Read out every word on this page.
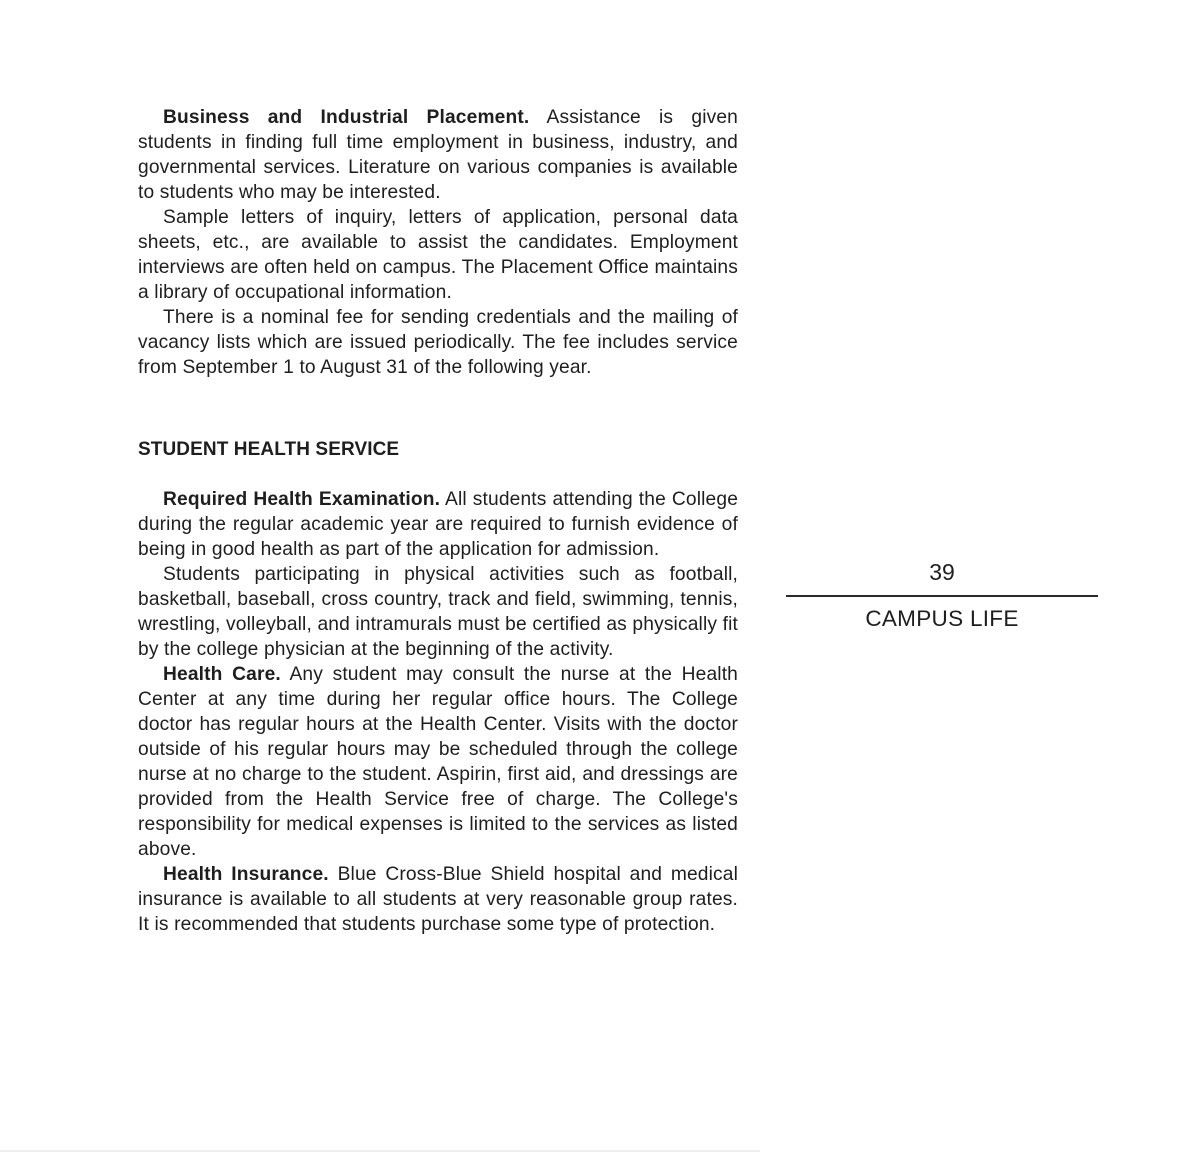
Business and Industrial Placement. Assistance is given students in finding full time employment in business, industry, and governmental services. Literature on various companies is available to students who may be interested.

Sample letters of inquiry, letters of application, personal data sheets, etc., are available to assist the candidates. Employment interviews are often held on campus. The Placement Office maintains a library of occupational information.

There is a nominal fee for sending credentials and the mailing of vacancy lists which are issued periodically. The fee includes service from September 1 to August 31 of the following year.

STUDENT HEALTH SERVICE

Required Health Examination. All students attending the College during the regular academic year are required to furnish evidence of being in good health as part of the application for admission.

Students participating in physical activities such as football, basketball, baseball, cross country, track and field, swimming, tennis, wrestling, volleyball, and intramurals must be certified as physically fit by the college physician at the beginning of the activity.

Health Care. Any student may consult the nurse at the Health Center at any time during her regular office hours. The College doctor has regular hours at the Health Center. Visits with the doctor outside of his regular hours may be scheduled through the college nurse at no charge to the student. Aspirin, first aid, and dressings are provided from the Health Service free of charge. The College's responsibility for medical expenses is limited to the services as listed above.

Health Insurance. Blue Cross-Blue Shield hospital and medical insurance is available to all students at very reasonable group rates. It is recommended that students purchase some type of protection.

39
CAMPUS LIFE
